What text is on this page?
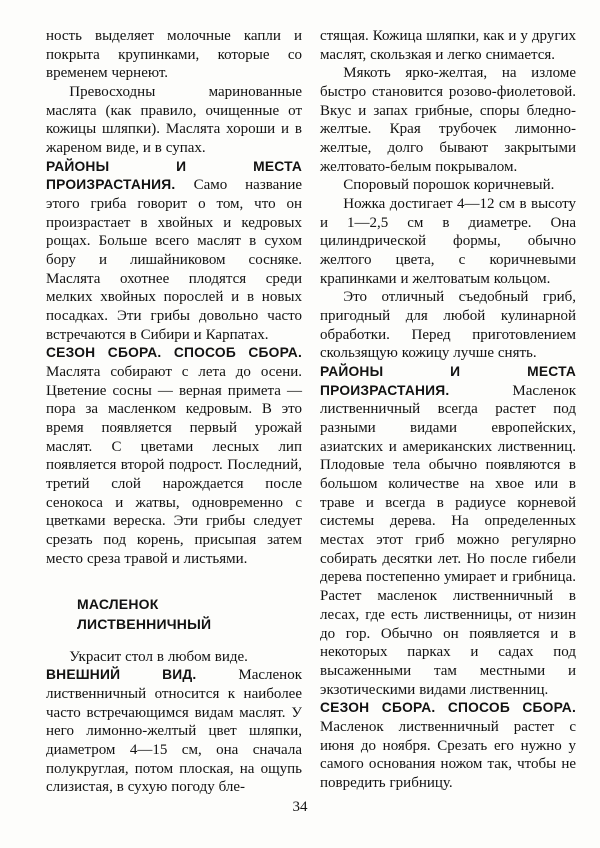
ность выделяет молочные капли и покрыта крупинками, которые со временем чернеют.

Превосходны маринованные маслята (как правило, очищенные от кожицы шляпки). Маслята хороши и в жареном виде, и в супах.

РАЙОНЫ И МЕСТА ПРОИЗРАСТАНИЯ. Само название этого гриба говорит о том, что он произрастает в хвойных и кедровых рощах. Больше всего маслят в сухом бору и лишайниковом сосняке. Маслята охотнее плодятся среди мелких хвойных порослей и в новых посадках. Эти грибы довольно часто встречаются в Сибири и Карпатах.

СЕЗОН СБОРА. СПОСОБ СБОРА. Маслята собирают с лета до осени. Цветение сосны — верная примета — пора за масленком кедровым. В это время появляется первый урожай маслят. С цветами лесных лип появляется второй подрост. Последний, третий слой нарождается после сенокоса и жатвы, одновременно с цветками вереска. Эти грибы следует срезать под корень, присыпая затем место среза травой и листьями.

МАСЛЕНОК
ЛИСТВЕННИЧНЫЙ

Украсит стол в любом виде.

ВНЕШНИЙ ВИД. Масленок лиственничный относится к наиболее часто встречающимся видам маслят. У него лимонно-желтый цвет шляпки, диаметром 4—15 см, она сначала полукруглая, потом плоская, на ощупь слизистая, в сухую погоду бле-

стящая. Кожица шляпки, как и у других маслят, скользкая и легко снимается.

Мякоть ярко-желтая, на изломе быстро становится розово-фиолетовой. Вкус и запах грибные, споры бледно-желтые. Края трубочек лимонно-желтые, долго бывают закрытыми желтовато-белым покрывалом.

Споровый порошок коричневый.

Ножка достигает 4—12 см в высоту и 1—2,5 см в диаметре. Она цилиндрической формы, обычно желтого цвета, с коричневыми крапинками и желтоватым кольцом.

Это отличный съедобный гриб, пригодный для любой кулинарной обработки. Перед приготовлением скользящую кожицу лучше снять.

РАЙОНЫ И МЕСТА ПРОИЗРАСТАНИЯ. Масленок лиственничный всегда растет под разными видами европейских, азиатских и американских лиственниц. Плодовые тела обычно появляются в большом количестве на хвое или в траве и всегда в радиусе корневой системы дерева. На определенных местах этот гриб можно регулярно собирать десятки лет. Но после гибели дерева постепенно умирает и грибница. Растет масленок лиственничный в лесах, где есть лиственницы, от низин до гор. Обычно он появляется и в некоторых парках и садах под высаженными там местными и экзотическими видами лиственниц.

СЕЗОН СБОРА. СПОСОБ СБОРА. Масленок лиственничный растет с июня до ноября. Срезать его нужно у самого основания ножом так, чтобы не повредить грибницу.

34
